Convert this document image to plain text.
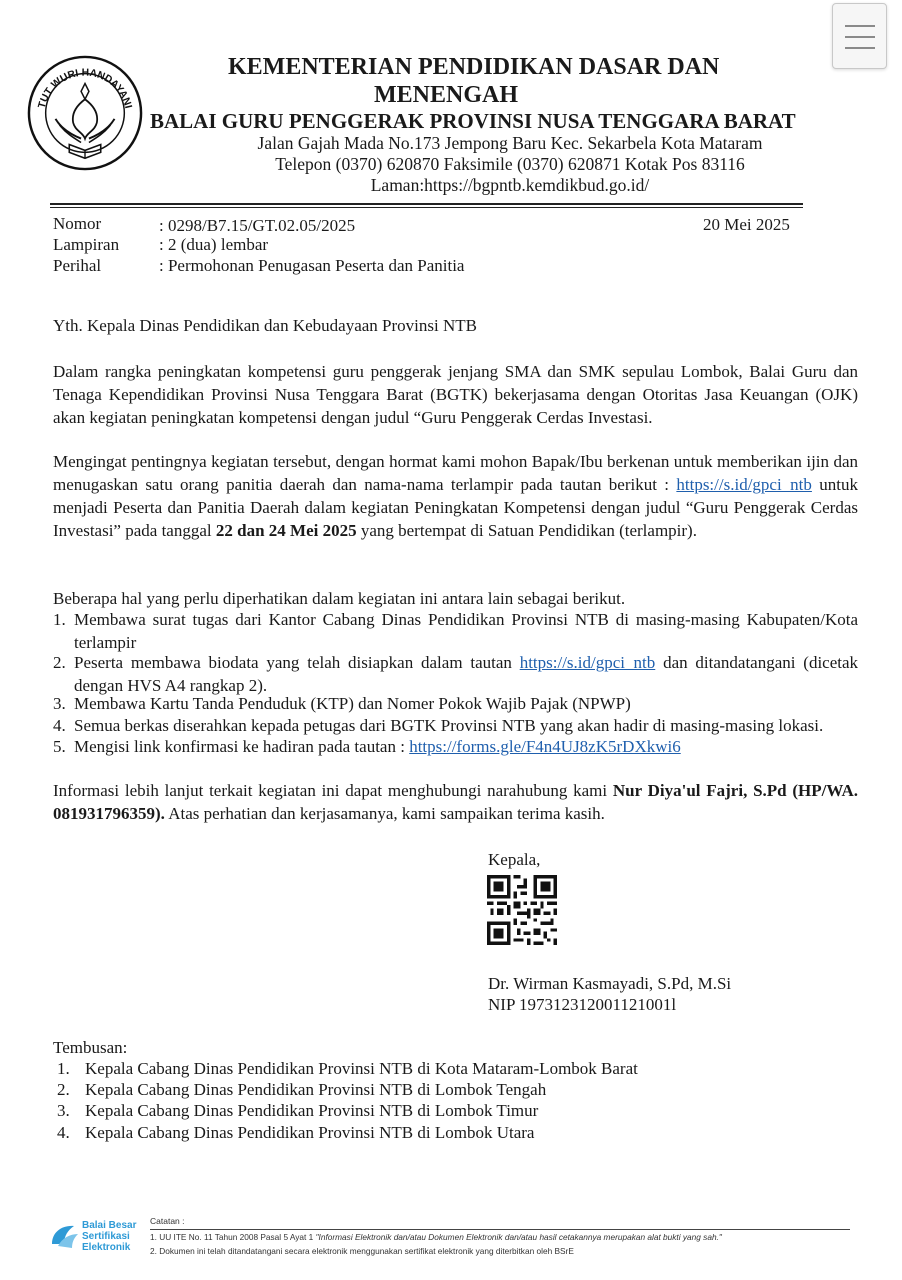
TUT WURI HANDAYANI
KEMENTERIAN PENDIDIKAN DASAR DAN
MENENGAH
BALAI GURU PENGGERAK PROVINSI NUSA TENGGARA BARAT
Jalan Gajah Mada No.173 Jempong Baru Kec. Sekarbela Kota Mataram
Telepon (0370) 620870 Faksimile (0370) 620871 Kotak Pos 83116
Laman:https://bgpntb.kemdikbud.go.id/
Nomor	: 0298/B7.15/GT.02.05/2025	20 Mei 2025
Lampiran : 2 (dua) lembar
Perihal	: Permohonan Penugasan Peserta dan Panitia
Yth. Kepala Dinas Pendidikan dan Kebudayaan Provinsi NTB
Dalam rangka peningkatan kompetensi guru penggerak jenjang SMA dan SMK sepulau Lombok, Balai Guru dan Tenaga Kependidikan Provinsi Nusa Tenggara Barat (BGTK) bekerjasama dengan Otoritas Jasa Keuangan (OJK) akan kegiatan peningkatan kompetensi dengan judul “Guru Penggerak Cerdas Investasi.
Mengingat pentingnya kegiatan tersebut, dengan hormat kami mohon Bapak/Ibu berkenan untuk memberikan ijin dan menugaskan satu orang panitia daerah dan nama-nama terlampir pada tautan berikut : https://s.id/gpci_ntb untuk menjadi Peserta dan Panitia Daerah dalam kegiatan Peningkatan Kompetensi dengan judul “Guru Penggerak Cerdas Investasi” pada tanggal 22 dan 24 Mei 2025 yang bertempat di Satuan Pendidikan (terlampir).
Beberapa hal yang perlu diperhatikan dalam kegiatan ini antara lain sebagai berikut.
1. Membawa surat tugas dari Kantor Cabang Dinas Pendidikan Provinsi NTB di masing-masing Kabupaten/Kota terlampir
2. Peserta membawa biodata yang telah disiapkan dalam tautan https://s.id/gpci_ntb dan ditandatangani (dicetak dengan HVS A4 rangkap 2).
3. Membawa Kartu Tanda Penduduk (KTP) dan Nomer Pokok Wajib Pajak (NPWP)
4. Semua berkas diserahkan kepada petugas dari BGTK Provinsi NTB yang akan hadir di masing-masing lokasi.
5. Mengisi link konfirmasi ke hadiran pada tautan : https://forms.gle/F4n4UJ8zK5rDXkwi6
Informasi lebih lanjut terkait kegiatan ini dapat menghubungi narahubung kami Nur Diya'ul Fajri, S.Pd (HP/WA. 081931796359). Atas perhatian dan kerjasamanya, kami sampaikan terima kasih.
Kepala,
Dr. Wirman Kasmayadi, S.Pd, M.Si
NIP 197312312001121001l
Tembusan:
1. Kepala Cabang Dinas Pendidikan Provinsi NTB di Kota Mataram-Lombok Barat
2. Kepala Cabang Dinas Pendidikan Provinsi NTB di Lombok Tengah
3. Kepala Cabang Dinas Pendidikan Provinsi NTB di Lombok Timur
4. Kepala Cabang Dinas Pendidikan Provinsi NTB di Lombok Utara
Balai Besar
Sertifikasi
Elektronik
Catatan :
1. UU ITE No. 11 Tahun 2008 Pasal 5 Ayat 1 "Informasi Elektronik dan/atau Dokumen Elektronik dan/atau hasil cetakannya merupakan alat bukti yang sah."
2. Dokumen ini telah ditandatangani secara elektronik menggunakan sertifikat elektronik yang diterbitkan oleh BSrE
